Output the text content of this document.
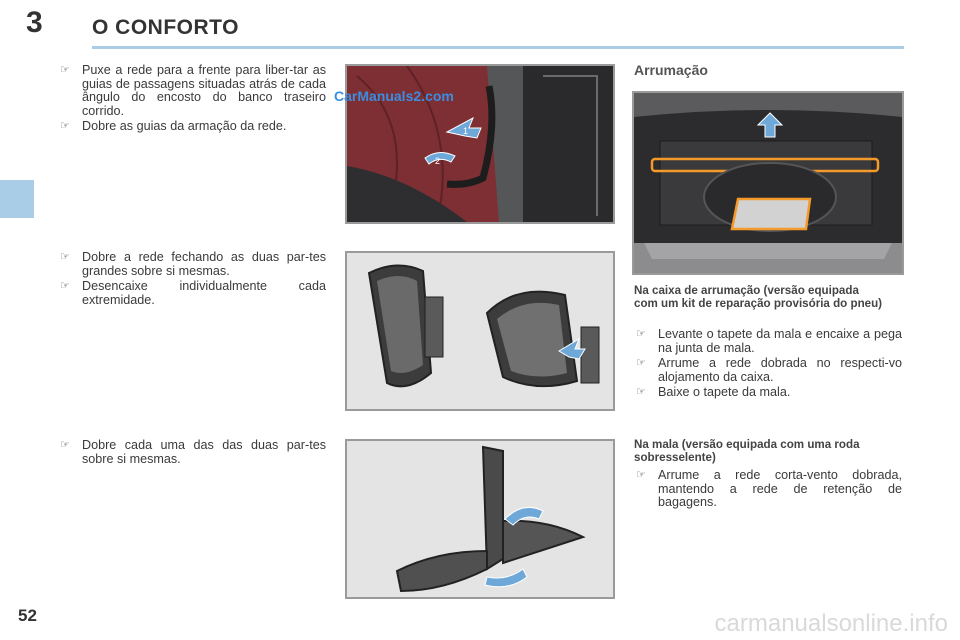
3 O CONFORTO
☞ Puxe a rede para a frente para liber-tar as guias de passagens situadas atrás de cada ângulo do encosto do banco traseiro corrido.
☞ Dobre as guias da armação da rede.
☞ Dobre a rede fechando as duas par-tes grandes sobre si mesmas.
☞ Desencaixe individualmente cada extremidade.
☞ Dobre cada uma das das duas par-tes sobre si mesmas.
2
1
CarManuals2.com
Arrumação
Na caixa de arrumação (versão equipada com um kit de reparação provisória do pneu)
☞ Levante o tapete da mala e encaixe a pega na junta de mala.
☞ Arrume a rede dobrada no respecti-vo alojamento da caixa.
☞ Baixe o tapete da mala.
Na mala (versão equipada com uma roda sobresselente)
☞ Arrume a rede corta-vento dobrada, mantendo a rede de retenção de bagagens.
52	carmanualsonline.info
